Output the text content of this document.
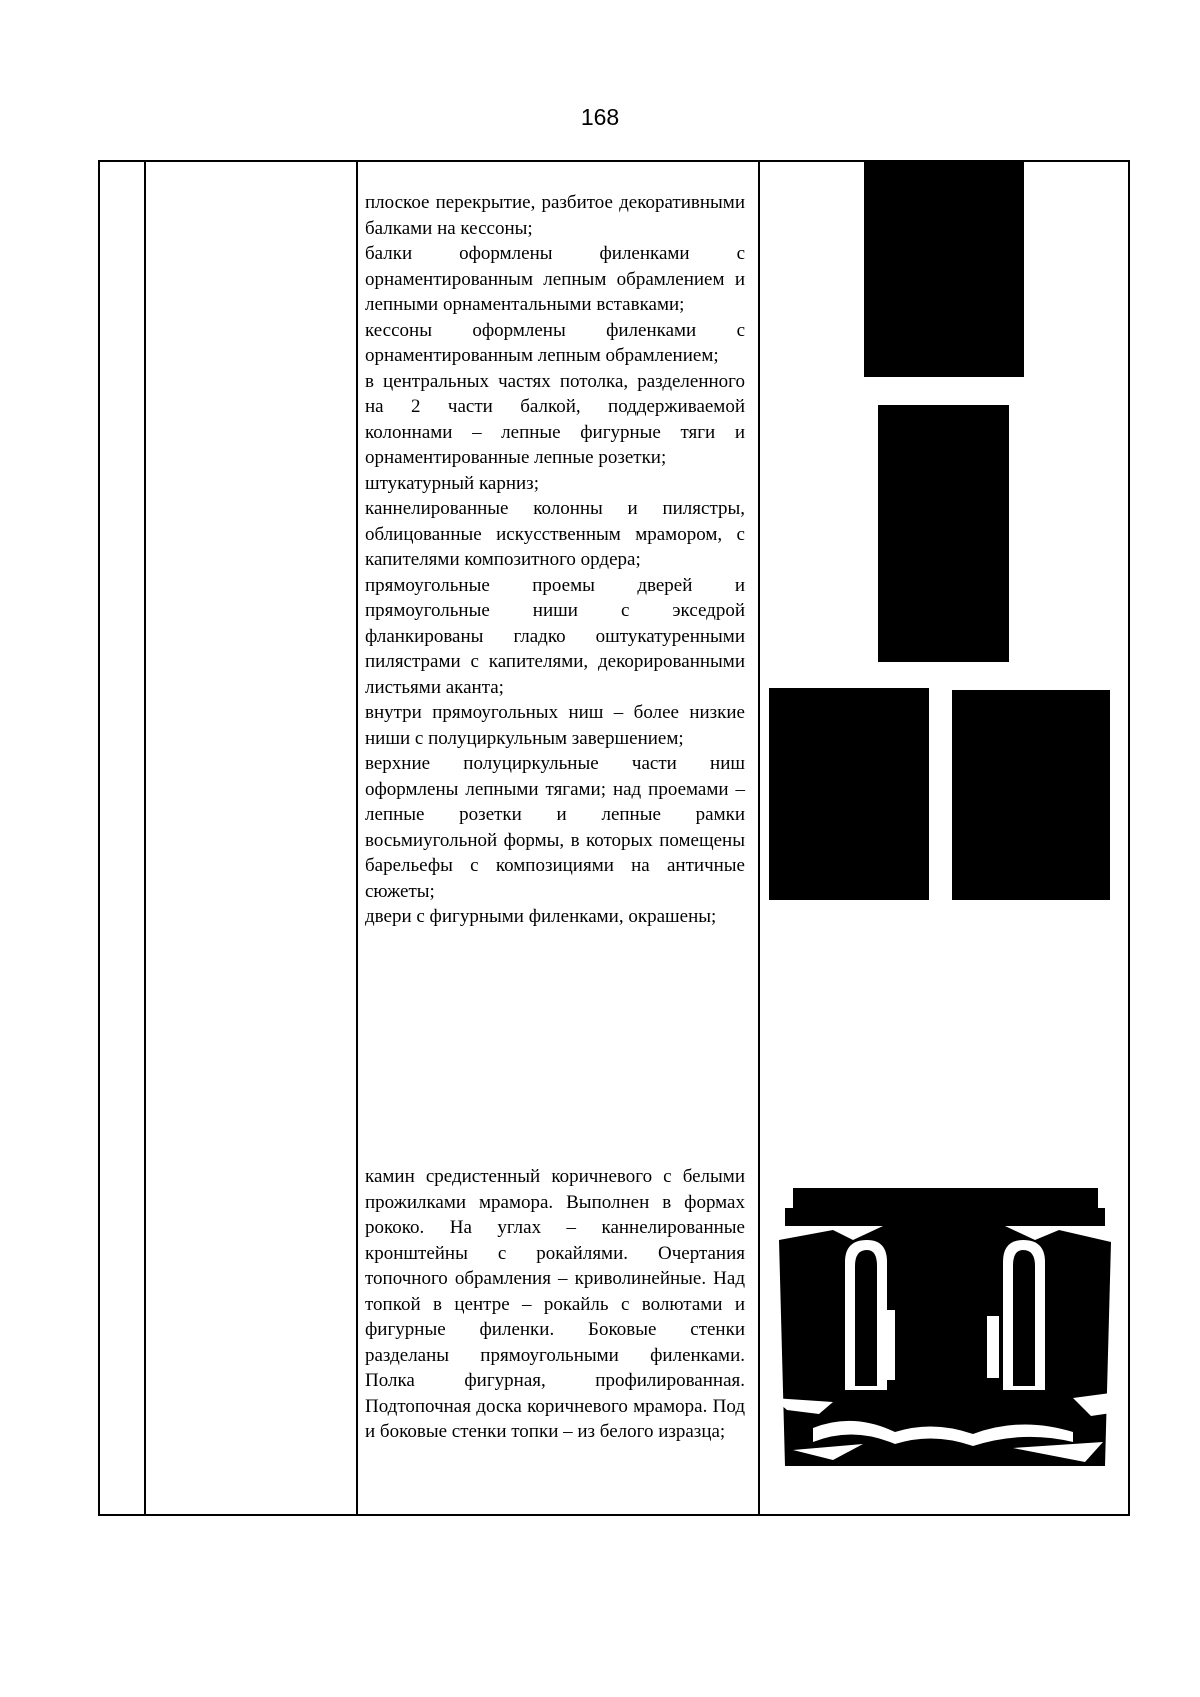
168

плоское перекрытие, разбитое декоративными балками на кессоны;

балки оформлены филенками с орнаментированным лепным обрамлением и лепными орнаментальными вставками;

кессоны оформлены филенками с орнаментированным лепным обрамлением;

в центральных частях потолка, разделенного на 2 части балкой, поддерживаемой колоннами – лепные фигурные тяги и орнаментированные лепные розетки;

штукатурный карниз;

каннелированные колонны и пилястры, облицованные искусственным мрамором, с капителями композитного ордера;

прямоугольные проемы дверей и прямоугольные ниши с экседрой фланкированы гладко оштукатуренными пилястрами с капителями, декорированными листьями аканта;

внутри прямоугольных ниш – более низкие ниши с полуциркульным завершением;

верхние полуциркульные части ниш оформлены лепными тягами; над проемами – лепные розетки и лепные рамки восьмиугольной формы, в которых помещены барельефы с композициями на античные сюжеты;

двери с фигурными филенками, окрашены;

камин средистенный коричневого с белыми прожилками мрамора. Выполнен в формах рококо. На углах – каннелированные кронштейны с рокайлями. Очертания топочного обрамления – криволинейные. Над топкой в центре – рокайль с волютами и фигурные филенки. Боковые стенки разделаны прямоугольными филенками. Полка фигурная, профилированная. Подтопочная доска коричневого мрамора. Под и боковые стенки топки – из белого изразца;
